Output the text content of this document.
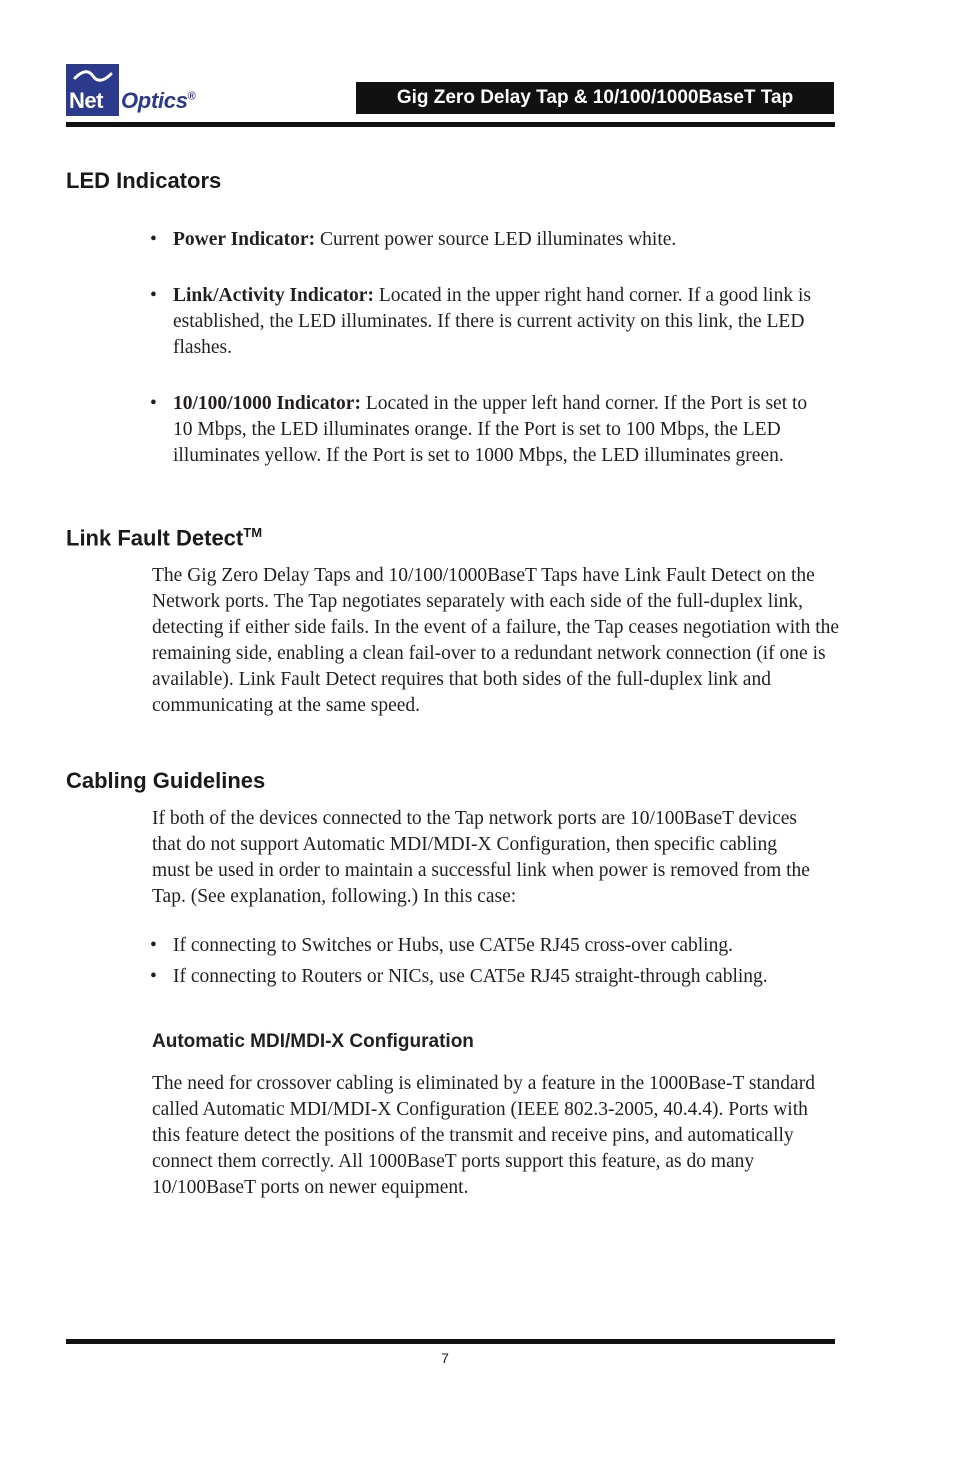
Net Optics®	Gig Zero Delay Tap & 10/100/1000BaseT Tap
LED Indicators
• Power Indicator: Current power source LED illuminates white.
• Link/Activity Indicator: Located in the upper right hand corner. If a good link is established, the LED illuminates. If there is current activity on this link, the LED flashes.
• 10/100/1000 Indicator: Located in the upper left hand corner. If the Port is set to 10 Mbps, the LED illuminates orange. If the Port is set to 100 Mbps, the LED illuminates yellow. If the Port is set to 1000 Mbps, the LED illuminates green.
Link Fault Detect™

The Gig Zero Delay Taps and 10/100/1000BaseT Taps have Link Fault Detect on the Network ports. The Tap negotiates separately with each side of the full-duplex link, detecting if either side fails. In the event of a failure, the Tap ceases negotiation with the remaining side, enabling a clean fail-over to a redundant network connection (if one is available). Link Fault Detect requires that both sides of the full-duplex link and communicating at the same speed.

Cabling Guidelines

If both of the devices connected to the Tap network ports are 10/100BaseT devices that do not support Automatic MDI/MDI-X Configuration, then specific cabling must be used in order to maintain a successful link when power is removed from the Tap. (See explanation, following.) In this case:

• If connecting to Switches or Hubs, use CAT5e RJ45 cross-over cabling.
• If connecting to Routers or NICs, use CAT5e RJ45 straight-through cabling.
Automatic MDI/MDI-X Configuration

The need for crossover cabling is eliminated by a feature in the 1000Base-T standard called Automatic MDI/MDI-X Configuration (IEEE 802.3-2005, 40.4.4). Ports with this feature detect the positions of the transmit and receive pins, and automatically connect them correctly. All 1000BaseT ports support this feature, as do many 10/100BaseT ports on newer equipment.

7
